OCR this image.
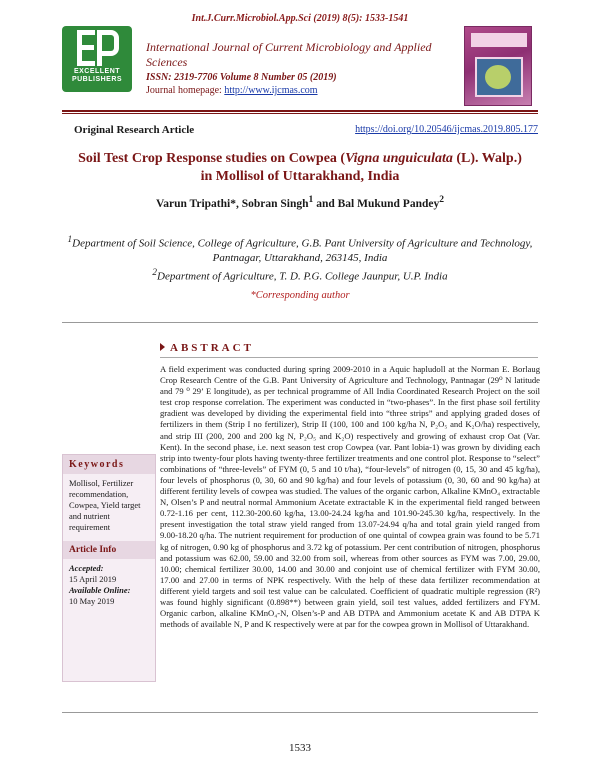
Int.J.Curr.Microbiol.App.Sci (2019) 8(5): 1533-1541
EXCELLENT
PUBLISHERS
International Journal of Current Microbiology and Applied Sciences
ISSN: 2319-7706 Volume 8 Number 05 (2019)
Journal homepage: http://www.ijcmas.com
Original Research Article	https://doi.org/10.20546/ijcmas.2019.805.177
Soil Test Crop Response studies on Cowpea (Vigna unguiculata (L). Walp.)
in Mollisol of Uttarakhand, India
Varun Tripathi*, Sobran Singh$^1$ and Bal Mukund Pandey$^2$
$^1$Department of Soil Science, College of Agriculture, G.B. Pant University of Agriculture and Technology, Pantnagar, Uttarakhand, 263145, India
$^2$Department of Agriculture, T. D. P.G. College Jaunpur, U.P. India
*Corresponding author
ABSTRACT
Keywords
Mollisol, Fertilizer recommendation, Cowpea, Yield target and nutrient requirement
Article Info
Accepted:
15 April 2019
Available Online:
10 May 2019
A field experiment was conducted during spring 2009-2010 in a Aquic hapludoll at the Norman E. Borlaug Crop Research Centre of the G.B. Pant University of Agriculture and Technology, Pantnagar (29⁰ N latitude and 79 ⁰ 29’ E longitude), as per technical programme of All India Coordinated Research Project on the soil test crop response correlation. The experiment was conducted in “two-phases”. In the first phase soil fertility gradient was developed by dividing the experimental field into “three strips” and applying graded doses of fertilizers in them (Strip I no fertilizer), Strip II (100, 100 and 100 kg/ha N, P₂O₅ and K₂O/ha) respectively, and strip III (200, 200 and 200 kg N, P₂O₅ and K₂O) respectively and growing of exhaust crop Oat (Var. Kent). In the second phase, i.e. next season test crop Cowpea (var. Pant lobia-1) was grown by dividing each strip into twenty-four plots having twenty-three fertilizer treatments and one control plot. Response to “select” combinations of “three-levels” of FYM (0, 5 and 10 t/ha), “four-levels” of nitrogen (0, 15, 30 and 45 kg/ha), four levels of phosphorus (0, 30, 60 and 90 kg/ha) and four levels of potassium (0, 30, 60 and 90 kg/ha) at different fertility levels of cowpea was studied. The values of the organic carbon, Alkaline KMnO₄ extractable N, Olsen’s P and neutral normal Ammonium Acetate extractable K in the experimental field ranged between 0.72-1.16 per cent, 112.30-200.60 kg/ha, 13.00-24.24 kg/ha and 101.90-245.30 kg/ha, respectively. In the present investigation the total straw yield ranged from 13.07-24.94 q/ha and total grain yield ranged from 9.00-18.20 q/ha. The nutrient requirement for production of one quintal of cowpea grain was found to be 5.71 kg of nitrogen, 0.90 kg of phosphorus and 3.72 kg of potassium. Per cent contribution of nitrogen, phosphorus and potassium was 62.00, 59.00 and 32.00 from soil, whereas from other sources as FYM was 7.00, 29.00, 10.00; chemical fertilizer 30.00, 14.00 and 30.00 and conjoint use of chemical fertilizer with FYM 30.00, 17.00 and 27.00 in terms of NPK respectively. With the help of these data fertilizer recommendation at different yield targets and soil test value can be calculated. Coefficient of quadratic multiple regression (R²) was found highly significant (0.898**) between grain yield, soil test values, added fertilizers and FYM. Organic carbon, alkaline KMnO₄-N, Olsen’s-P and AB DTPA and Ammonium acetate K and AB DTPA K methods of available N, P and K respectively were at par for the cowpea grown in Mollisol of Uttarakhand.
1533
